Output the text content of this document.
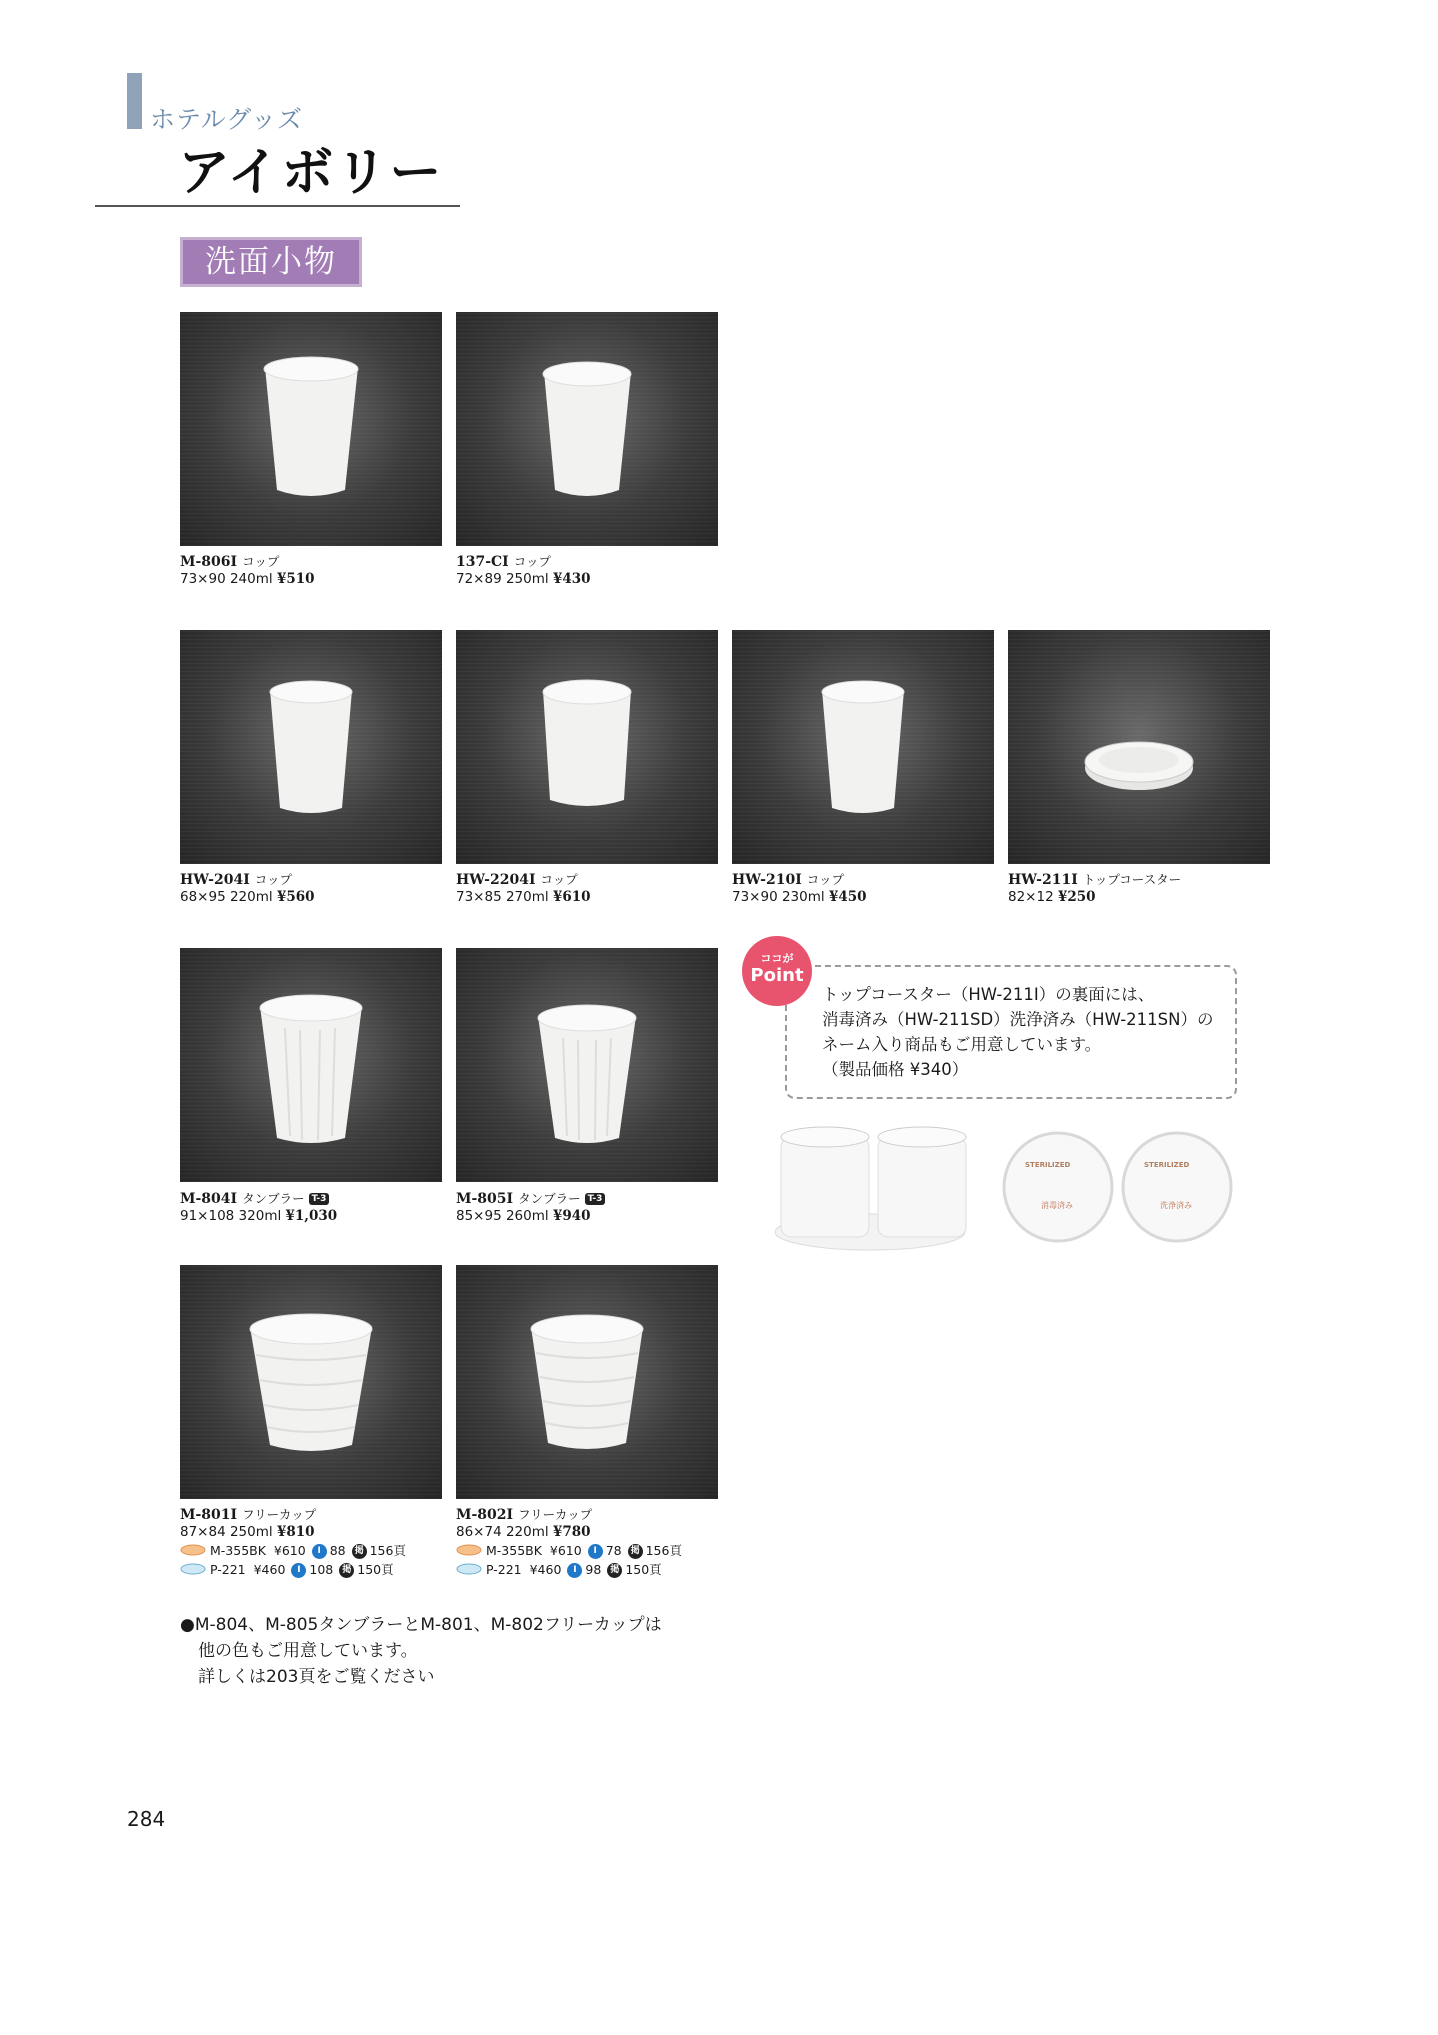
ホテルグッズ
アイボリー
洗面小物
M-806I コップ
73×90 240ml ¥510
137-CI コップ
72×89 250ml ¥430
HW-204I コップ
68×95 220ml ¥560
HW-2204I コップ
73×85 270ml ¥610
HW-210I コップ
73×90 230ml ¥450
HW-211I トップコースター
82×12 ¥250
M-804I タンブラー T-3
91×108 320ml ¥1,030
M-805I タンブラー T-3
85×95 260ml ¥940
ココが
Point
トップコースター（HW-211I）の裏面には、
消毒済み（HW-211SD）洗浄済み（HW-211SN）の
ネーム入り商品もご用意しています。
（製品価格 ¥340）
STERILIZED
消毒済み
STERILIZED
洗浄済み
M-801I フリーカップ
87×84 250ml ¥810
M-355BK ¥610 I 88 掲 156頁
P-221 ¥460 I 108 掲 150頁
M-802I フリーカップ
86×74 220ml ¥780
M-355BK ¥610 I 78 掲 156頁
P-221 ¥460 I 98 掲 150頁
●M-804、M-805タンブラーとM-801、M-802フリーカップは
他の色もご用意しています。
詳しくは203頁をご覧ください
284
